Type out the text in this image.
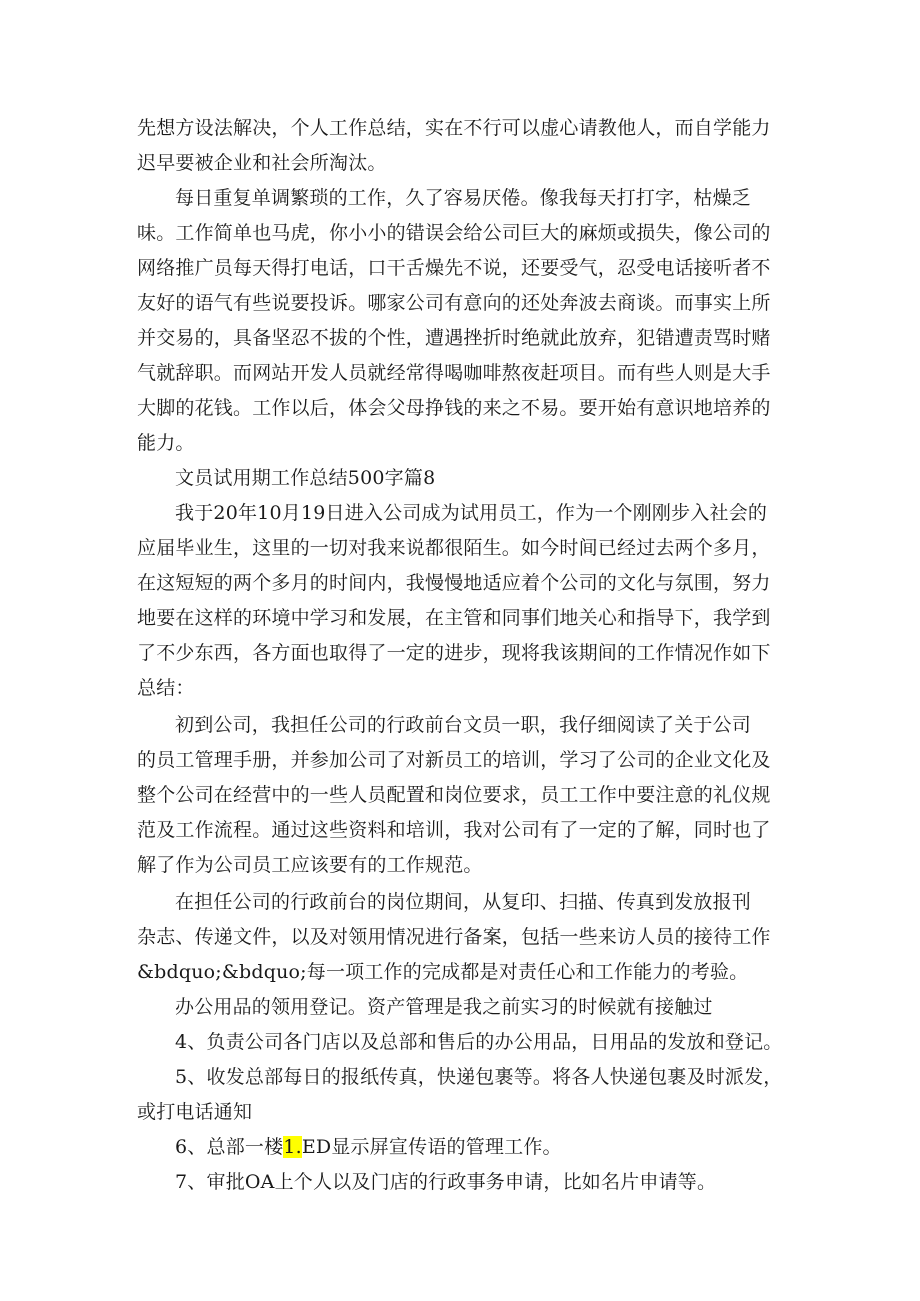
先想方设法解决，个人工作总结，实在不行可以虚心请教他人，而自学能力
迟早要被企业和社会所淘汰。

每日重复单调繁琐的工作，久了容易厌倦。像我每天打打字，枯燥乏
味。工作简单也马虎，你小小的错误会给公司巨大的麻烦或损失，像公司的
网络推广员每天得打电话，口干舌燥先不说，还要受气，忍受电话接听者不
友好的语气有些说要投诉。哪家公司有意向的还处奔波去商谈。而事实上所
并交易的，具备坚忍不拔的个性，遭遇挫折时绝就此放弃，犯错遭责骂时赌
气就辞职。而网站开发人员就经常得喝咖啡熬夜赶项目。而有些人则是大手
大脚的花钱。工作以后，体会父母挣钱的来之不易。要开始有意识地培养的
能力。

文员试用期工作总结500字篇8

我于20年10月19日进入公司成为试用员工，作为一个刚刚步入社会的
应届毕业生，这里的一切对我来说都很陌生。如今时间已经过去两个多月，
在这短短的两个多月的时间内，我慢慢地适应着个公司的文化与氛围，努力
地要在这样的环境中学习和发展，在主管和同事们地关心和指导下，我学到
了不少东西，各方面也取得了一定的进步，现将我该期间的工作情况作如下
总结：

初到公司，我担任公司的行政前台文员一职，我仔细阅读了关于公司
的员工管理手册，并参加公司了对新员工的培训，学习了公司的企业文化及
整个公司在经营中的一些人员配置和岗位要求，员工工作中要注意的礼仪规
范及工作流程。通过这些资料和培训，我对公司有了一定的了解，同时也了
解了作为公司员工应该要有的工作规范。

在担任公司的行政前台的岗位期间，从复印、扫描、传真到发放报刊
杂志、传递文件，以及对领用情况进行备案，包括一些来访人员的接待工作
&bdquo;&bdquo;每一项工作的完成都是对责任心和工作能力的考验。

办公用品的领用登记。资产管理是我之前实习的时候就有接触过

4、负责公司各门店以及总部和售后的办公用品，日用品的发放和登记。

5、收发总部每日的报纸传真，快递包裹等。将各人快递包裹及时派发，
或打电话通知

6、总部一楼1.ED显示屏宣传语的管理工作。

7、审批OA上个人以及门店的行政事务申请，比如名片申请等。
